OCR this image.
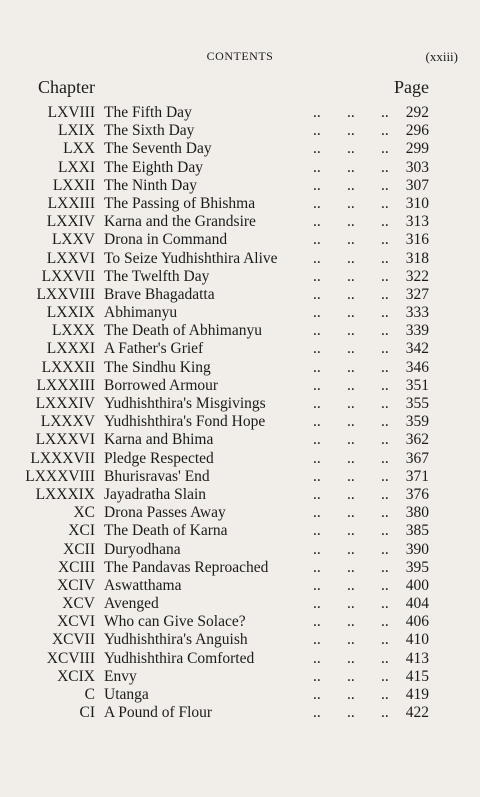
CONTENTS	(xxiii)
Chapter	Page
LXVIII The Fifth Day	.. .. ..	292
LXIX The Sixth Day	.. .. ..	296
LXX The Seventh Day	.. .. ..	299
LXXI The Eighth Day	.. .. ..	303
LXXII The Ninth Day	.. .. ..	307
LXXIII The Passing of Bhishma	.. .. ..	310
LXXIV Karna and the Grandsire	.. .. ..	313
LXXV Drona in Command	.. .. ..	316
LXXVI To Seize Yudhishthira Alive .. .. ..	318
LXXVII The Twelfth Day	.. .. ..	322
LXXVIII Brave Bhagadatta	.. .. ..	327
LXXIX Abhimanyu	.. .. ..	333
LXXX The Death of Abhimanyu	.. .. ..	339
LXXXI A Father's Grief	.. .. ..	342
LXXXII The Sindhu King	.. .. ..	346
LXXXIII Borrowed Armour	.. .. ..	351
LXXXIV Yudhishthira's Misgivings	.. .. ..	355
LXXXV Yudhishthira's Fond Hope	.. .. ..	359
LXXXVI Karna and Bhima	.. .. ..	362
LXXXVII Pledge Respected	.. .. ..	367
LXXXVIII Bhurisravas' End	.. .. ..	371
LXXXIX Jayadratha Slain	.. .. ..	376
XC Drona Passes Away	.. .. ..	380
XCI The Death of Karna	.. .. ..	385
XCII Duryodhana	.. .. ..	390
XCIII The Pandavas Reproached	.. .. ..	395
XCIV Aswatthama	.. .. ..	400
XCV Avenged	.. .. ..	404
XCVI Who can Give Solace?	.. .. ..	406
XCVII Yudhishthira's Anguish	.. .. ..	410
XCVIII Yudhishthira Comforted	.. .. ..	413
XCIX Envy	.. .. ..	415
C Utanga	.. .. ..	419
CI A Pound of Flour	.. .. ..	422
